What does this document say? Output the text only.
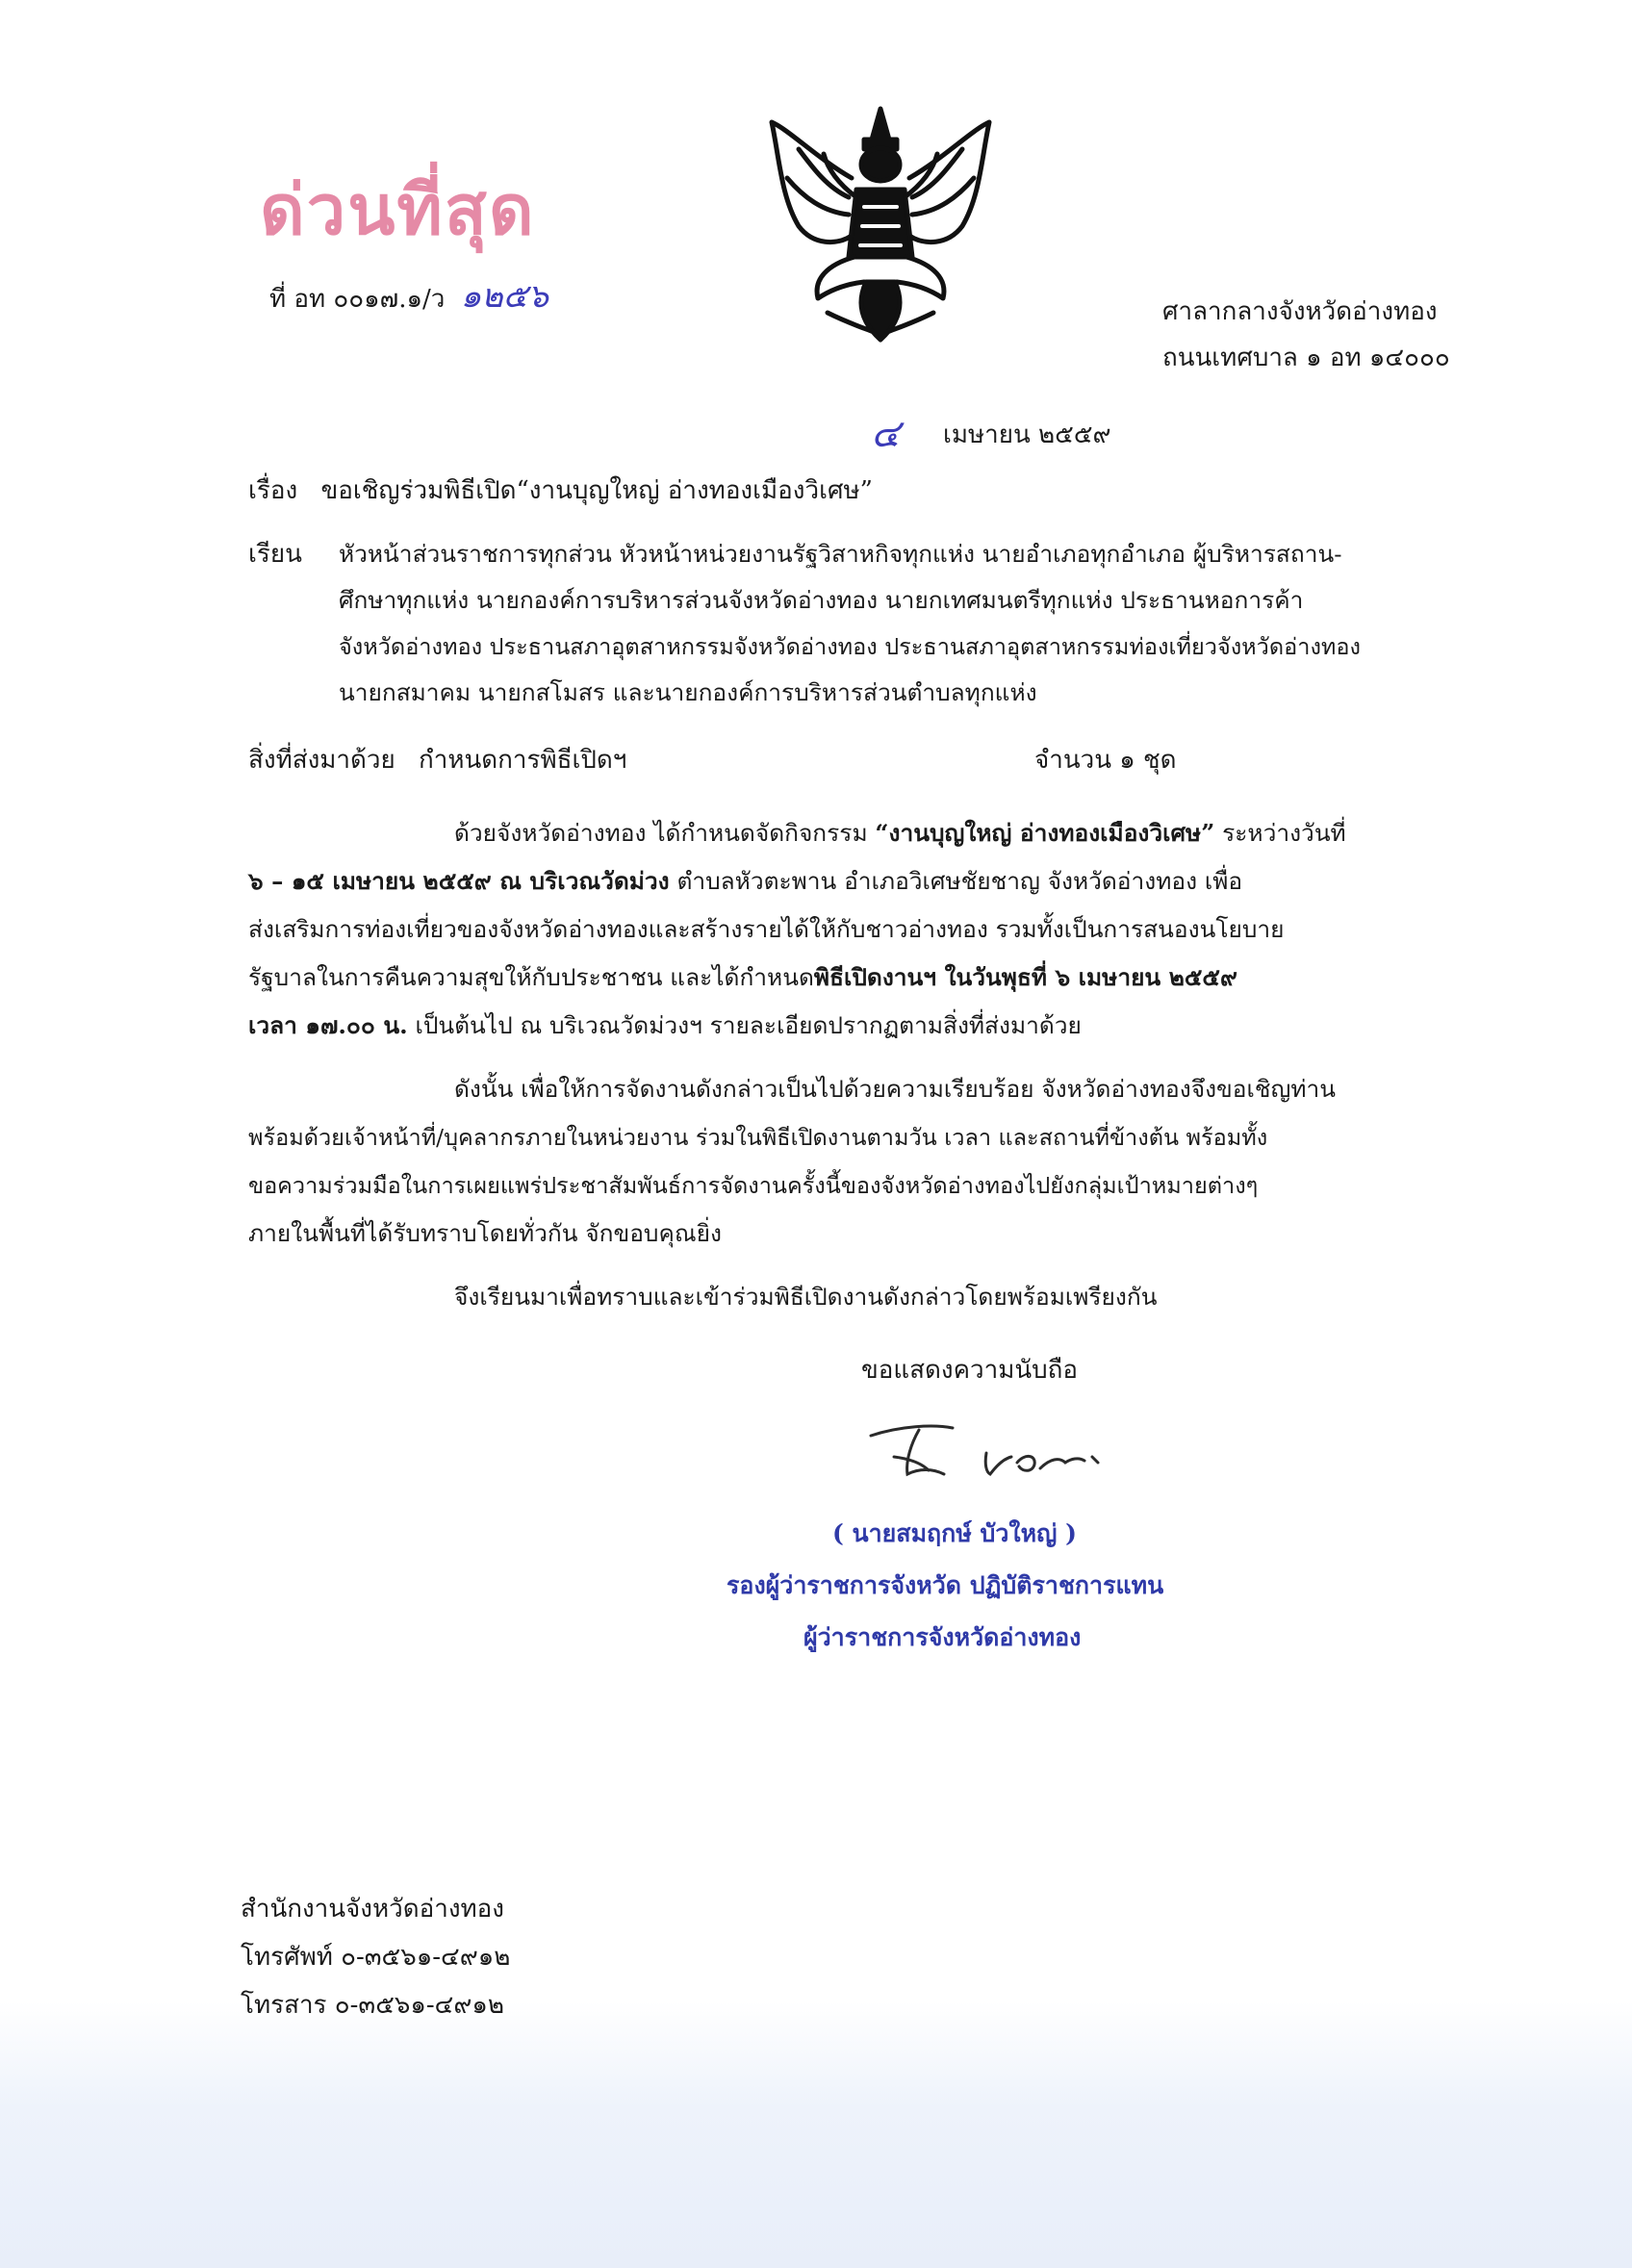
ด่วนที่สุด
ที่ อท ๐๐๑๗.๑/ว ๑๒๕๖	ศาลากลางจังหวัดอ่างทอง
ถนนเทศบาล ๑ อท ๑๔๐๐๐
๔ เมษายน ๒๕๕๙
เรื่อง ขอเชิญร่วมพิธีเปิด“งานบุญใหญ่ อ่างทองเมืองวิเศษ”
เรียน หัวหน้าส่วนราชการทุกส่วน หัวหน้าหน่วยงานรัฐวิสาหกิจทุกแห่ง นายอำเภอทุกอำเภอ ผู้บริหารสถาน-
ศึกษาทุกแห่ง นายกองค์การบริหารส่วนจังหวัดอ่างทอง นายกเทศมนตรีทุกแห่ง ประธานหอการค้า
จังหวัดอ่างทอง ประธานสภาอุตสาหกรรมจังหวัดอ่างทอง ประธานสภาอุตสาหกรรมท่องเที่ยวจังหวัดอ่างทอง
นายกสมาคม นายกสโมสร และนายกองค์การบริหารส่วนตำบลทุกแห่ง
สิ่งที่ส่งมาด้วย กำหนดการพิธีเปิดฯ	จำนวน ๑ ชุด
ด้วยจังหวัดอ่างทอง ได้กำหนดจัดกิจกรรม “งานบุญใหญ่ อ่างทองเมืองวิเศษ” ระหว่างวันที่
๖ – ๑๕ เมษายน ๒๕๕๙ ณ บริเวณวัดม่วง ตำบลหัวตะพาน อำเภอวิเศษชัยชาญ จังหวัดอ่างทอง เพื่อ
ส่งเสริมการท่องเที่ยวของจังหวัดอ่างทองและสร้างรายได้ให้กับชาวอ่างทอง รวมทั้งเป็นการสนองนโยบาย
รัฐบาลในการคืนความสุขให้กับประชาชน และได้กำหนดพิธีเปิดงานฯ ในวันพุธที่ ๖ เมษายน ๒๕๕๙
เวลา ๑๗.๐๐ น. เป็นต้นไป ณ บริเวณวัดม่วงฯ รายละเอียดปรากฏตามสิ่งที่ส่งมาด้วย
ดังนั้น เพื่อให้การจัดงานดังกล่าวเป็นไปด้วยความเรียบร้อย จังหวัดอ่างทองจึงขอเชิญท่าน
พร้อมด้วยเจ้าหน้าที่/บุคลากรภายในหน่วยงาน ร่วมในพิธีเปิดงานตามวัน เวลา และสถานที่ข้างต้น พร้อมทั้ง
ขอความร่วมมือในการเผยแพร่ประชาสัมพันธ์การจัดงานครั้งนี้ของจังหวัดอ่างทองไปยังกลุ่มเป้าหมายต่างๆ
ภายในพื้นที่ได้รับทราบโดยทั่วกัน จักขอบคุณยิ่ง
จึงเรียนมาเพื่อทราบและเข้าร่วมพิธีเปิดงานดังกล่าวโดยพร้อมเพรียงกัน
ขอแสดงความนับถือ
( นายสมฤกษ์ บัวใหญ่ )
รองผู้ว่าราชการจังหวัด ปฏิบัติราชการแทน
ผู้ว่าราชการจังหวัดอ่างทอง
สำนักงานจังหวัดอ่างทอง
โทรศัพท์ ๐-๓๕๖๑-๔๙๑๒
โทรสาร ๐-๓๕๖๑-๔๙๑๒
